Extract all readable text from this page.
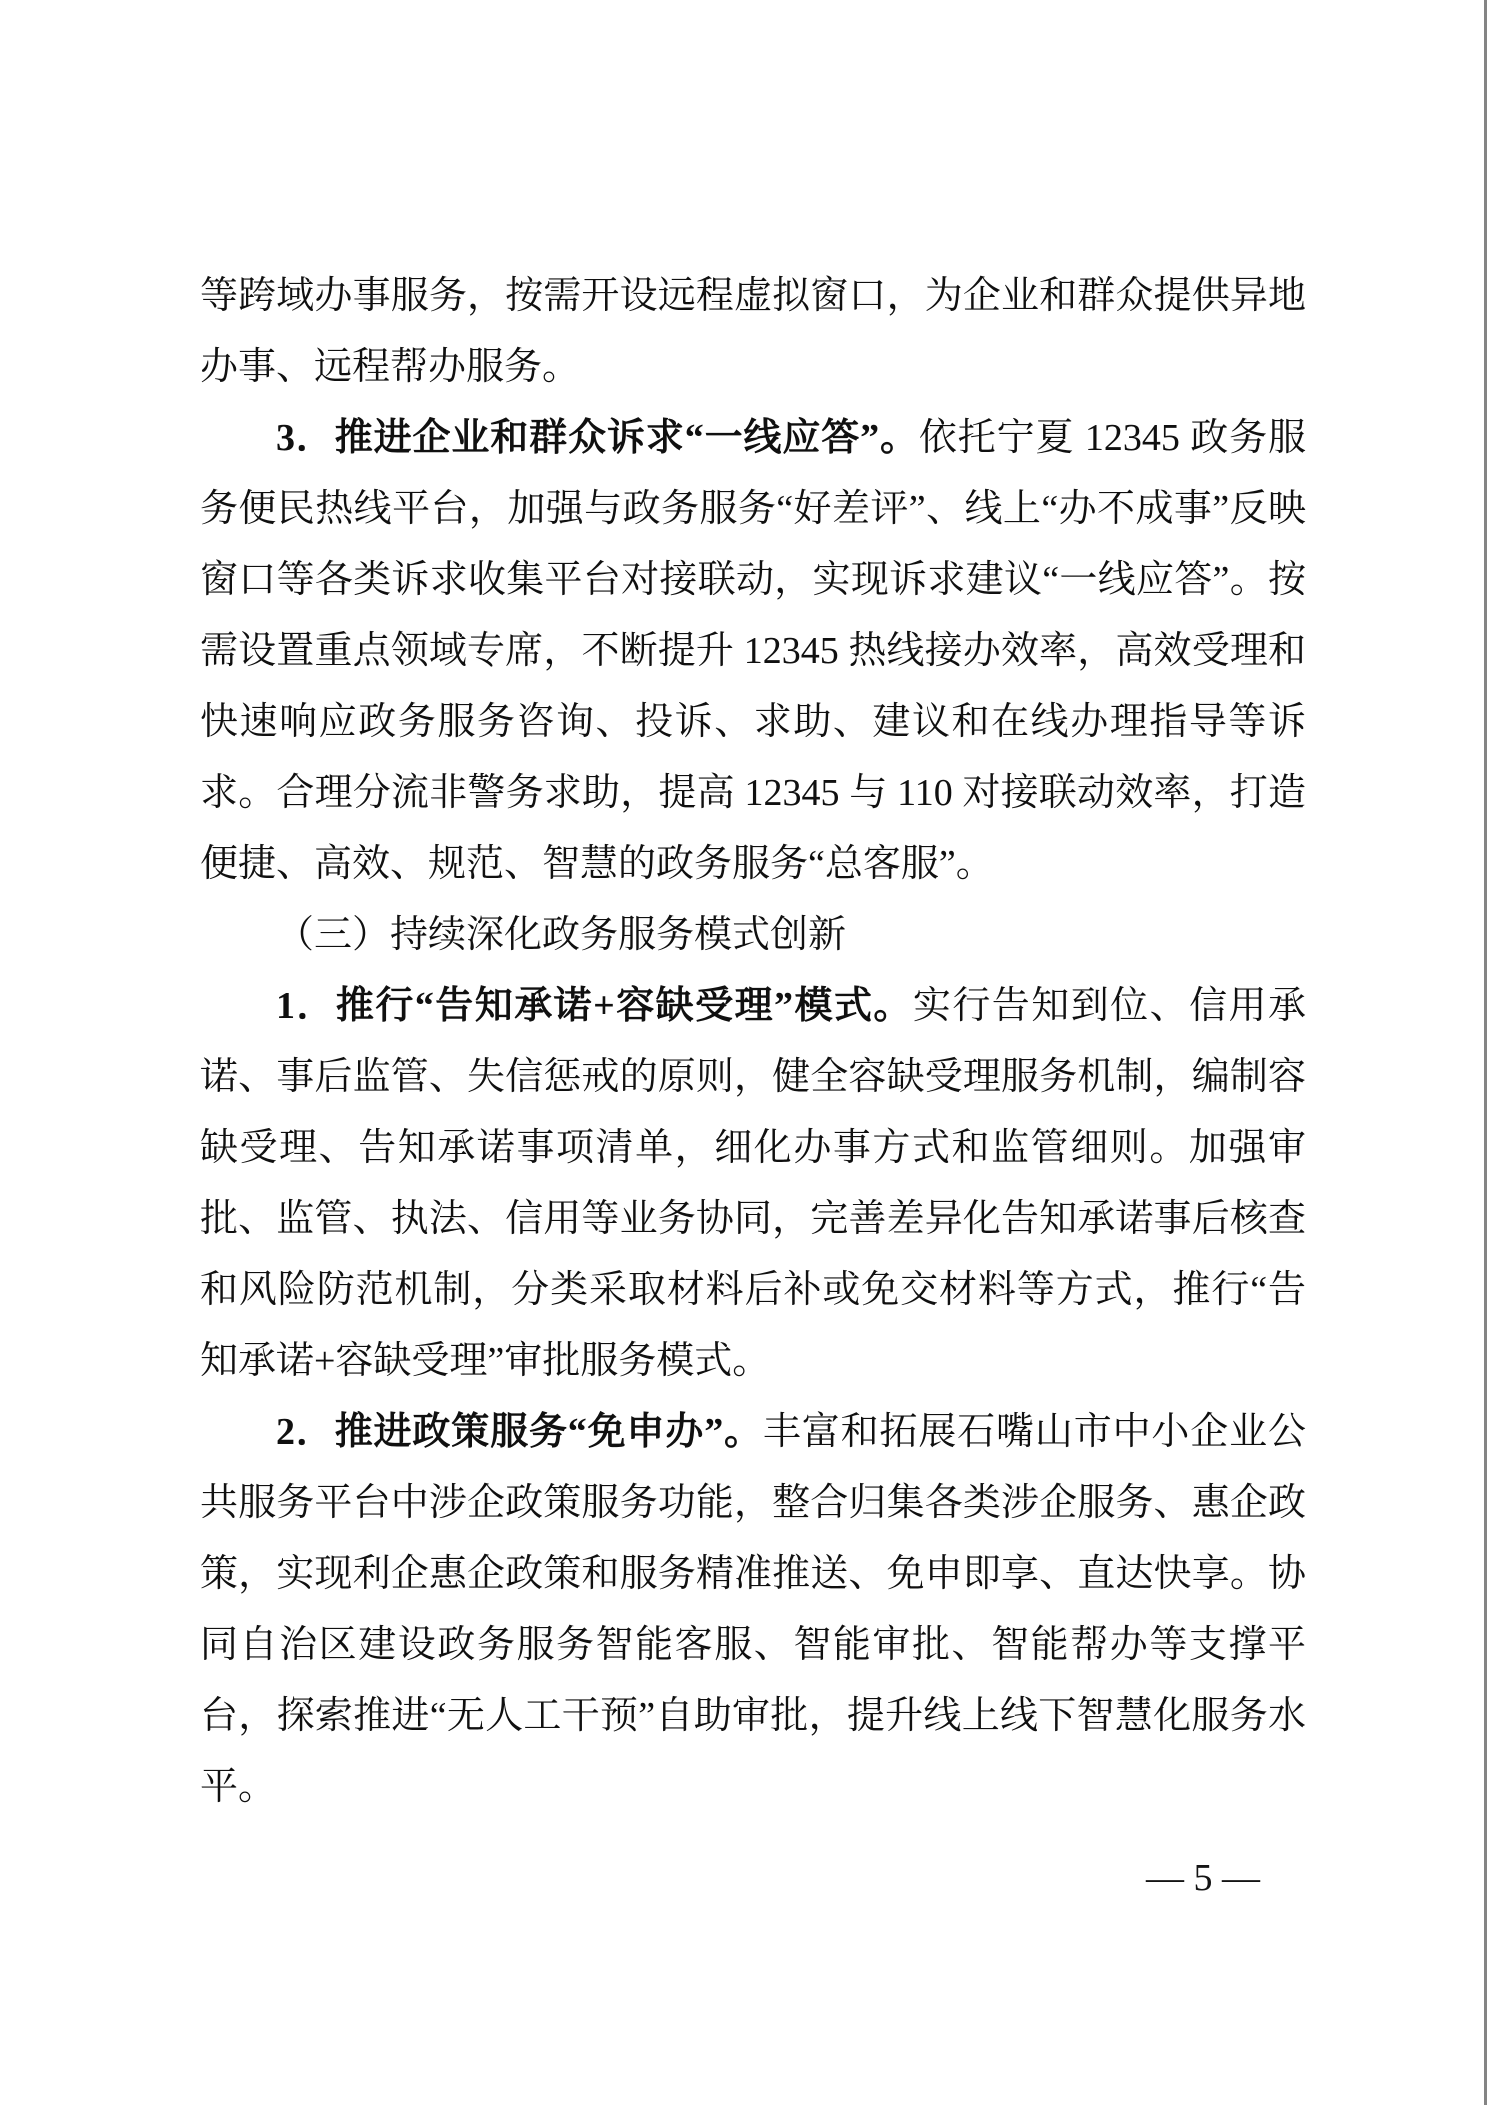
等跨域办事服务，按需开设远程虚拟窗口，为企业和群众提供异地办事、远程帮办服务。

3．推进企业和群众诉求“一线应答”。依托宁夏 12345 政务服务便民热线平台，加强与政务服务“好差评”、线上“办不成事”反映窗口等各类诉求收集平台对接联动，实现诉求建议“一线应答”。按需设置重点领域专席，不断提升 12345 热线接办效率，高效受理和快速响应政务服务咨询、投诉、求助、建议和在线办理指导等诉求。合理分流非警务求助，提高 12345 与 110 对接联动效率，打造便捷、高效、规范、智慧的政务服务“总客服”。

（三）持续深化政务服务模式创新

1．推行“告知承诺+容缺受理”模式。实行告知到位、信用承诺、事后监管、失信惩戒的原则，健全容缺受理服务机制，编制容缺受理、告知承诺事项清单，细化办事方式和监管细则。加强审批、监管、执法、信用等业务协同，完善差异化告知承诺事后核查和风险防范机制，分类采取材料后补或免交材料等方式，推行“告知承诺+容缺受理”审批服务模式。

2．推进政策服务“免申办”。丰富和拓展石嘴山市中小企业公共服务平台中涉企政策服务功能，整合归集各类涉企服务、惠企政策，实现利企惠企政策和服务精准推送、免申即享、直达快享。协同自治区建设政务服务智能客服、智能审批、智能帮办等支撑平台，探索推进“无人工干预”自助审批，提升线上线下智慧化服务水平。

— 5 —
